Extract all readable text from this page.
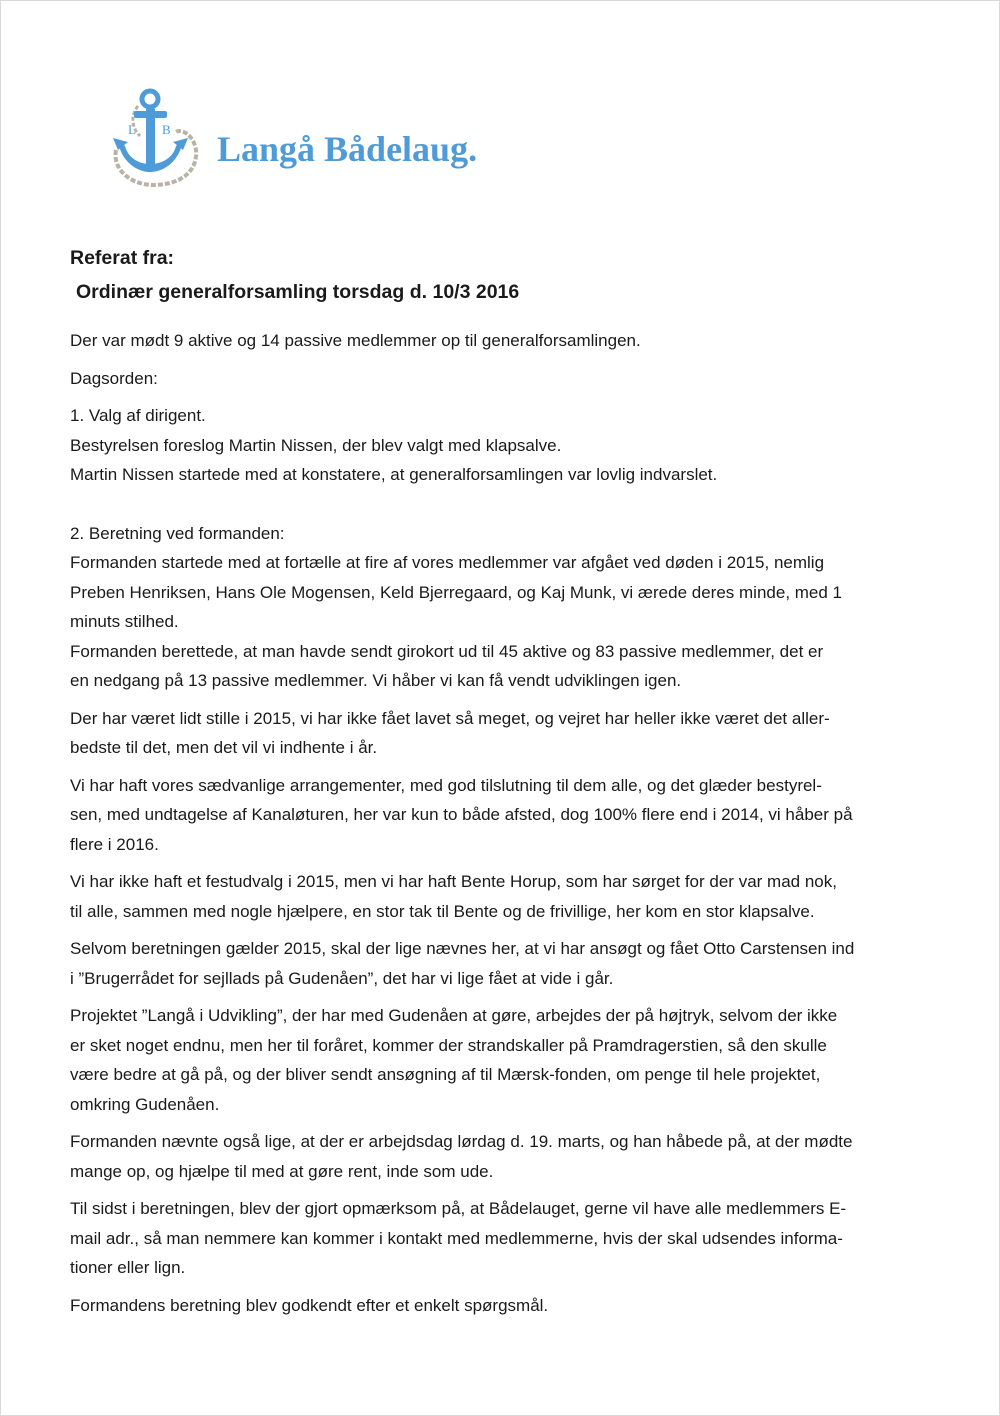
L B Langå Bådelaug.

Referat fra:

Ordinær generalforsamling torsdag d. 10/3 2016

Der var mødt 9 aktive og 14 passive medlemmer op til generalforsamlingen.

Dagsorden:

1. Valg af dirigent.
Bestyrelsen foreslog Martin Nissen, der blev valgt med klapsalve.
Martin Nissen startede med at konstatere, at generalforsamlingen var lovlig indvarslet.

2. Beretning ved formanden:
Formanden startede med at fortælle at fire af vores medlemmer var afgået ved døden i 2015, nemlig
Preben Henriksen, Hans Ole Mogensen, Keld Bjerregaard, og Kaj Munk, vi ærede deres minde, med 1
minuts stilhed.
Formanden berettede, at man havde sendt girokort ud til 45 aktive og 83 passive medlemmer, det er
en nedgang på 13 passive medlemmer. Vi håber vi kan få vendt udviklingen igen.

Der har været lidt stille i 2015, vi har ikke fået lavet så meget, og vejret har heller ikke været det aller-
bedste til det, men det vil vi indhente i år.

Vi har haft vores sædvanlige arrangementer, med god tilslutning til dem alle, og det glæder bestyrel-
sen, med undtagelse af Kanaløturen, her var kun to både afsted, dog 100% flere end i 2014, vi håber på
flere i 2016.

Vi har ikke haft et festudvalg i 2015, men vi har haft Bente Horup, som har sørget for der var mad nok,
til alle, sammen med nogle hjælpere, en stor tak til Bente og de frivillige, her kom en stor klapsalve.

Selvom beretningen gælder 2015, skal der lige nævnes her, at vi har ansøgt og fået Otto Carstensen ind
i ”Brugerrådet for sejllads på Gudenåen”, det har vi lige fået at vide i går.

Projektet ”Langå i Udvikling”, der har med Gudenåen at gøre, arbejdes der på højtryk, selvom der ikke
er sket noget endnu, men her til foråret, kommer der strandskaller på Pramdragerstien, så den skulle
være bedre at gå på, og der bliver sendt ansøgning af til Mærsk-fonden, om penge til hele projektet,
omkring Gudenåen.

Formanden nævnte også lige, at der er arbejdsdag lørdag d. 19. marts, og han håbede på, at der mødte
mange op, og hjælpe til med at gøre rent, inde som ude.

Til sidst i beretningen, blev der gjort opmærksom på, at Bådelauget, gerne vil have alle medlemmers E-
mail adr., så man nemmere kan kommer i kontakt med medlemmerne, hvis der skal udsendes informa-
tioner eller lign.

Formandens beretning blev godkendt efter et enkelt spørgsmål.
